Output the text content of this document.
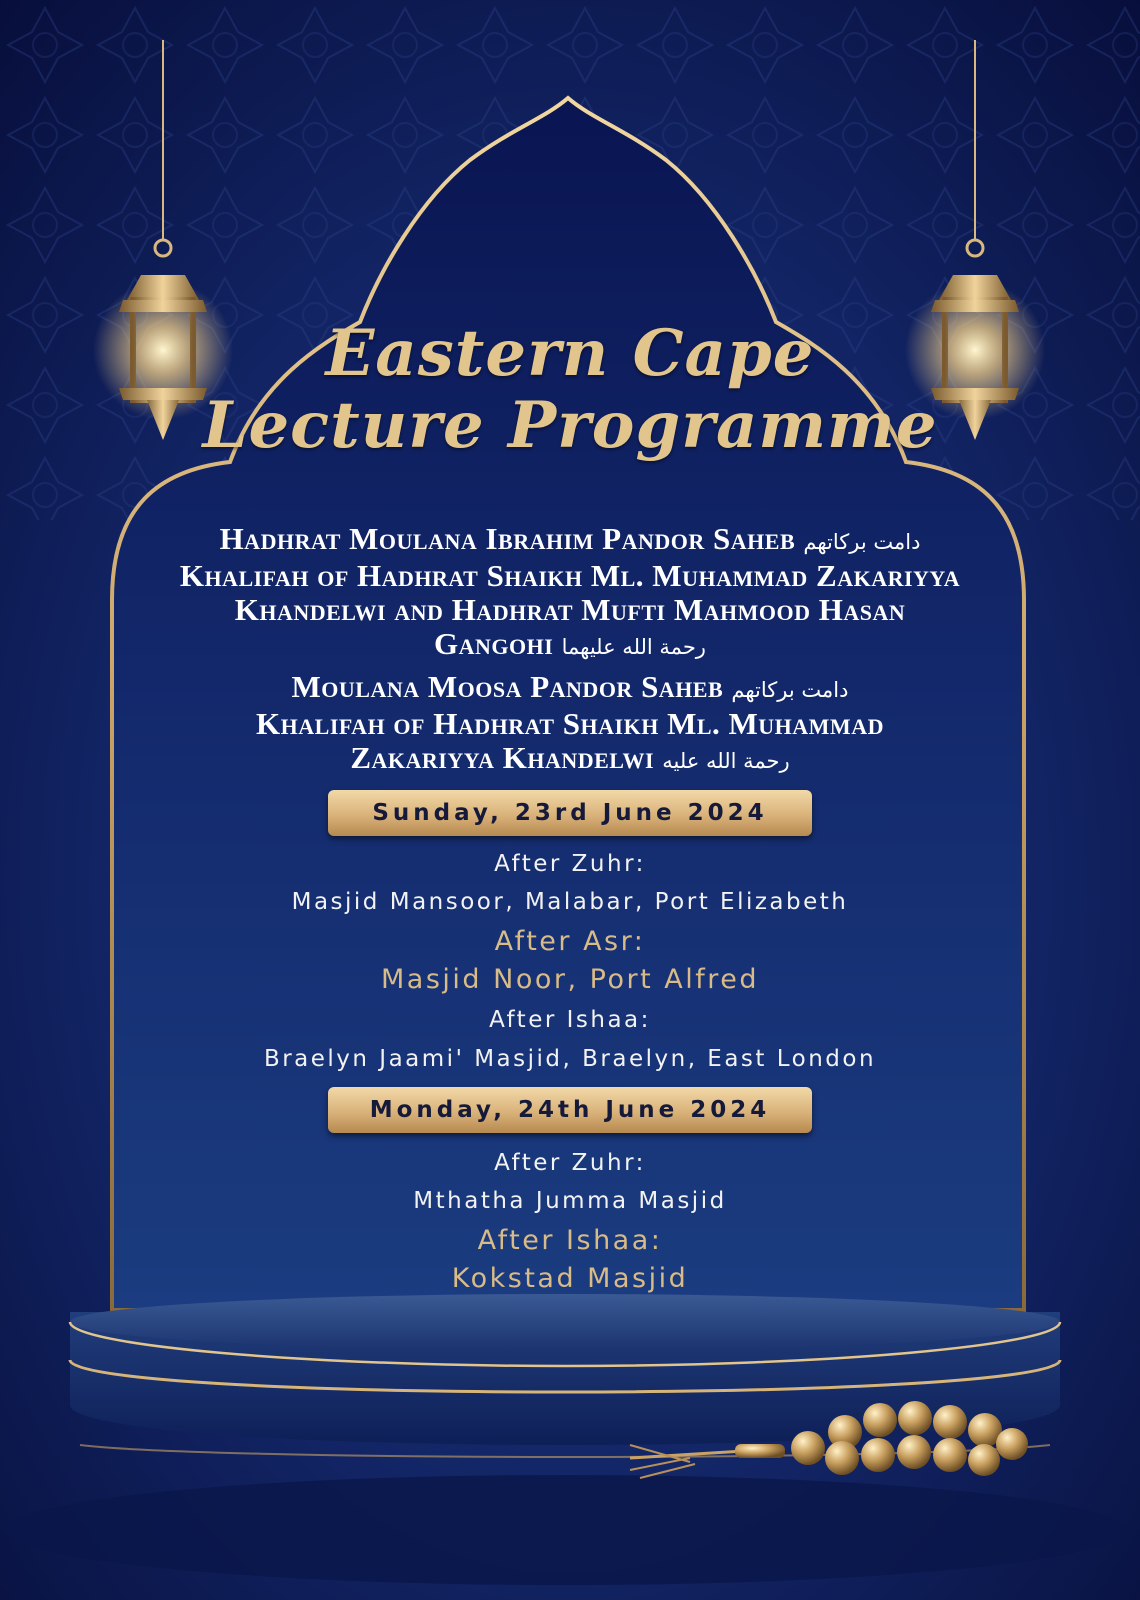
Eastern Cape
Lecture Programme
Hadhrat Moulana Ibrahim Pandor Saheb دامت بركاتهم
Khalifah of Hadhrat Shaikh Ml. Muhammad Zakariyya
Khandelwi and Hadhrat Mufti Mahmood Hasan
Gangohi رحمة الله عليهما
Moulana Moosa Pandor Saheb دامت بركاتهم
Khalifah of Hadhrat Shaikh Ml. Muhammad
Zakariyya Khandelwi رحمة الله عليه
Sunday, 23rd June 2024
After Zuhr:
Masjid Mansoor, Malabar, Port Elizabeth
After Asr:
Masjid Noor, Port Alfred
After Ishaa:
Braelyn Jaami' Masjid, Braelyn, East London
Monday, 24th June 2024
After Zuhr:
Mthatha Jumma Masjid
After Ishaa:
Kokstad Masjid
